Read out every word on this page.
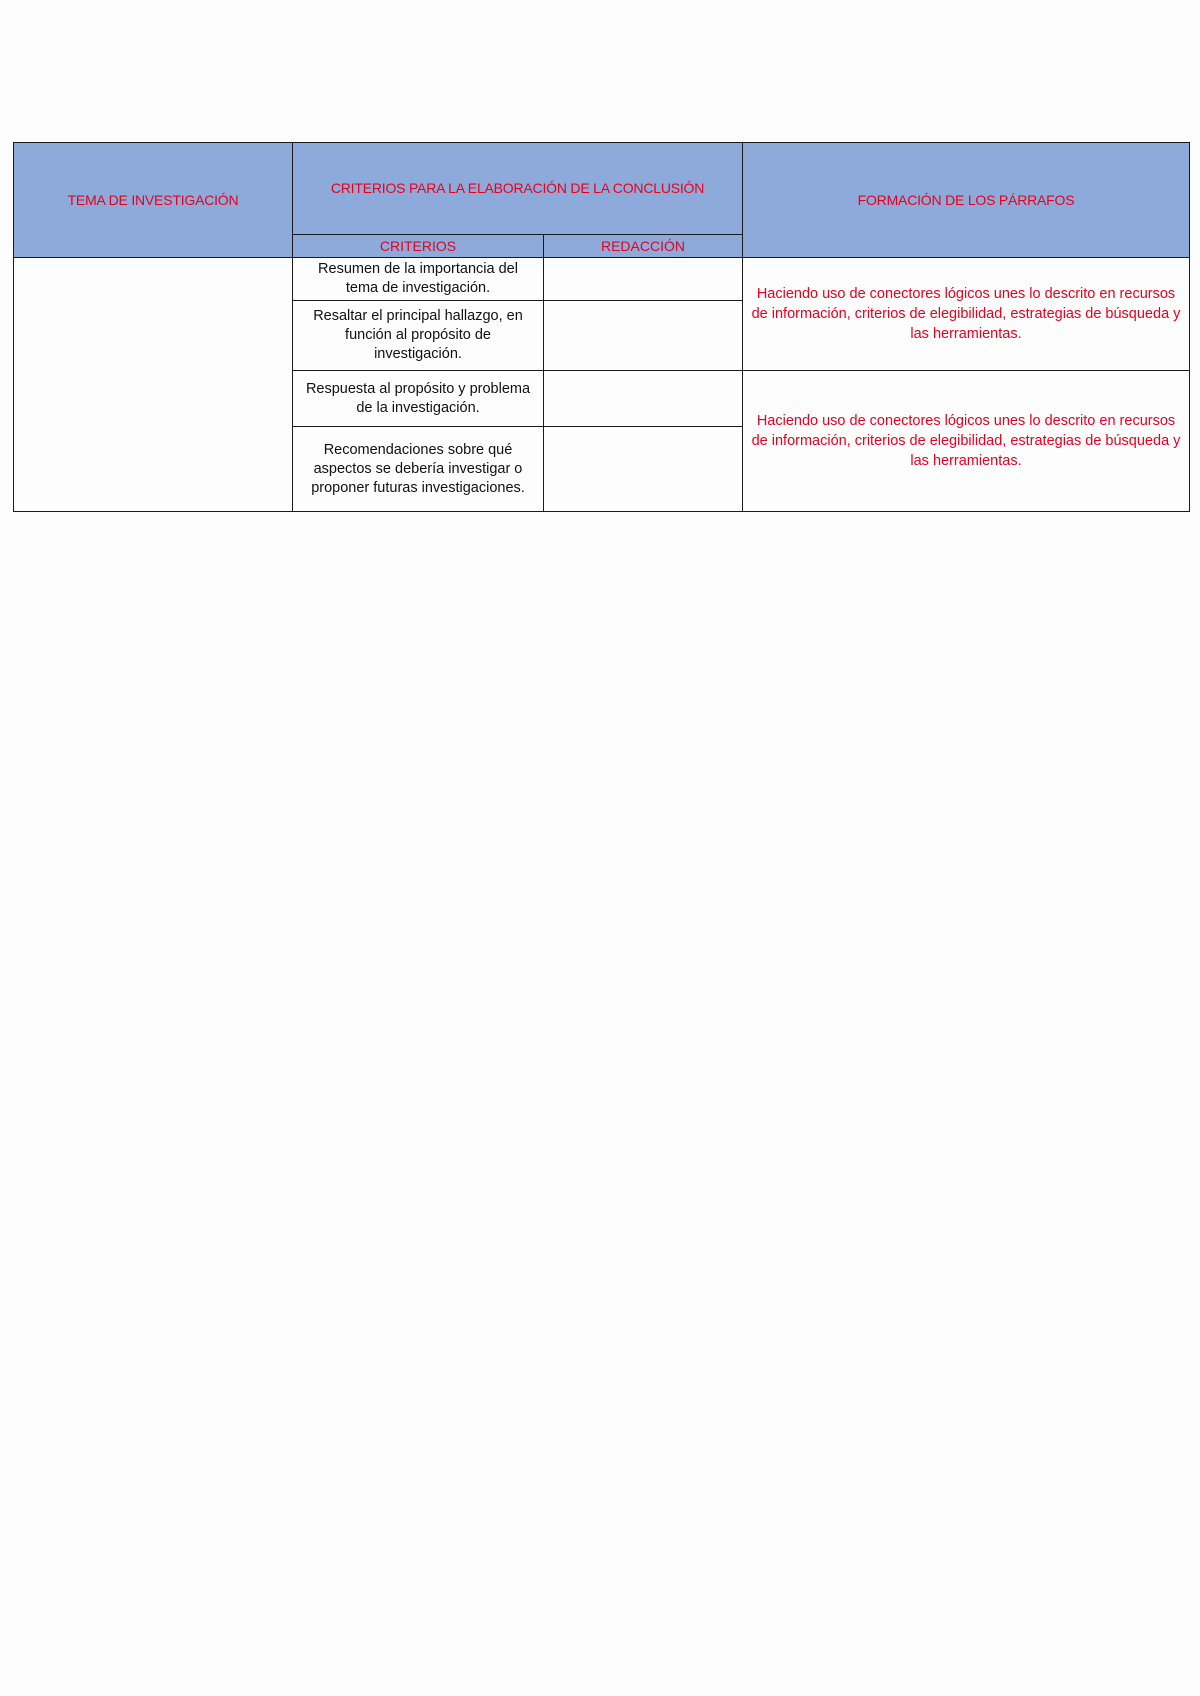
TEMA DE INVESTIGACIÓN	CRITERIOS PARA LA ELABORACIÓN DE LA CONCLUSIÓN		FORMACIÓN DE LOS PÁRRAFOS
	CRITERIOS	REDACCIÓN	
	Resumen de la importancia del tema de investigación.		Haciendo uso de conectores lógicos unes lo descrito en recursos de información, criterios de elegibilidad, estrategias de búsqueda y las herramientas.
	Resaltar el principal hallazgo, en función al propósito de investigación.		
	Respuesta al propósito y problema de la investigación.		Haciendo uso de conectores lógicos unes lo descrito en recursos de información, criterios de elegibilidad, estrategias de búsqueda y las herramientas.
	Recomendaciones sobre qué aspectos se debería investigar o proponer futuras investigaciones.		
